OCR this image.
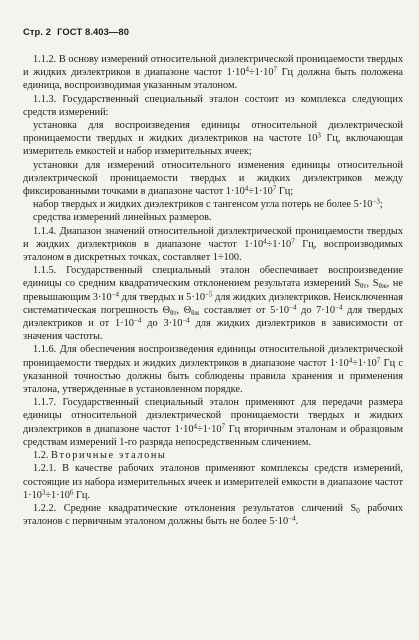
Стр. 2 ГОСТ 8.403—80

1.1.2. В основу измерений относительной диэлектрической проницаемости твердых и жидких диэлектриков в диапазоне частот $1\cdot 10^4\div 1\cdot 10^7$ Гц должна быть положена единица, воспроизводимая указанным эталоном.

1.1.3. Государственный специальный эталон состоит из комплекса следующих средств измерений:

установка для воспроизведения единицы относительной диэлектрической проницаемости твердых и жидких диэлектриков на частоте $10^3$ Гц, включающая измеритель емкостей и набор измерительных ячеек;

установки для измерений относительного изменения единицы относительной диэлектрической проницаемости твердых и жидких диэлектриков между фиксированными точками в диапазоне частот $1\cdot 10^4\div 1\cdot 10^7$ Гц;

набор твердых и жидких диэлектриков с тангенсом угла потерь не более $5\cdot 10^{-3}$;

средства измерений линейных размеров.

1.1.4. Диапазон значений относительной диэлектрической проницаемости твердых и жидких диэлектриков в диапазоне частот $1\cdot 10^4\div 1\cdot 10^7$ Гц, воспроизводимых эталоном в дискретных точках, составляет 1÷100.

1.1.5. Государственный специальный эталон обеспечивает воспроизведение единицы со средним квадратическим отклонением результата измерений $S_{\theta т}$, $S_{\theta ж}$, не превышающим $3\cdot 10^{-4}$ для твердых и $5\cdot 10^{-5}$ для жидких диэлектриков. Неисключенная систематическая погрешность $\Theta_{\theta т}$, $\Theta_{\theta ж}$ составляет от $5\cdot 10^{-4}$ до $7\cdot 10^{-4}$ для твердых диэлектриков и от $1\cdot 10^{-4}$ до $3\cdot 10^{-4}$ для жидких диэлектриков в зависимости от значения частоты.

1.1.6. Для обеспечения воспроизведения единицы относительной диэлектрической проницаемости твердых и жидких диэлектриков в диапазоне частот $1\cdot 10^4\div 1\cdot 10^7$ Гц с указанной точностью должны быть соблюдены правила хранения и применения эталона, утвержденные в установленном порядке.

1.1.7. Государственный специальный эталон применяют для передачи размера единицы относительной диэлектрической проницаемости твердых и жидких диэлектриков в диапазоне частот $1\cdot 10^4\div 1\cdot 10^7$ Гц вторичным эталонам и образцовым средствам измерений 1-го разряда непосредственным сличением.

1.2. Вторичные эталоны

1.2.1. В качестве рабочих эталонов применяют комплексы средств измерений, состоящие из набора измерительных ячеек и измерителей емкости в диапазоне частот $1\cdot 10^3\div 1\cdot 10^6$ Гц.

1.2.2. Средние квадратические отклонения результатов сличений $S_0$ рабочих эталонов с первичным эталоном должны быть не более $5\cdot 10^{-4}$.
